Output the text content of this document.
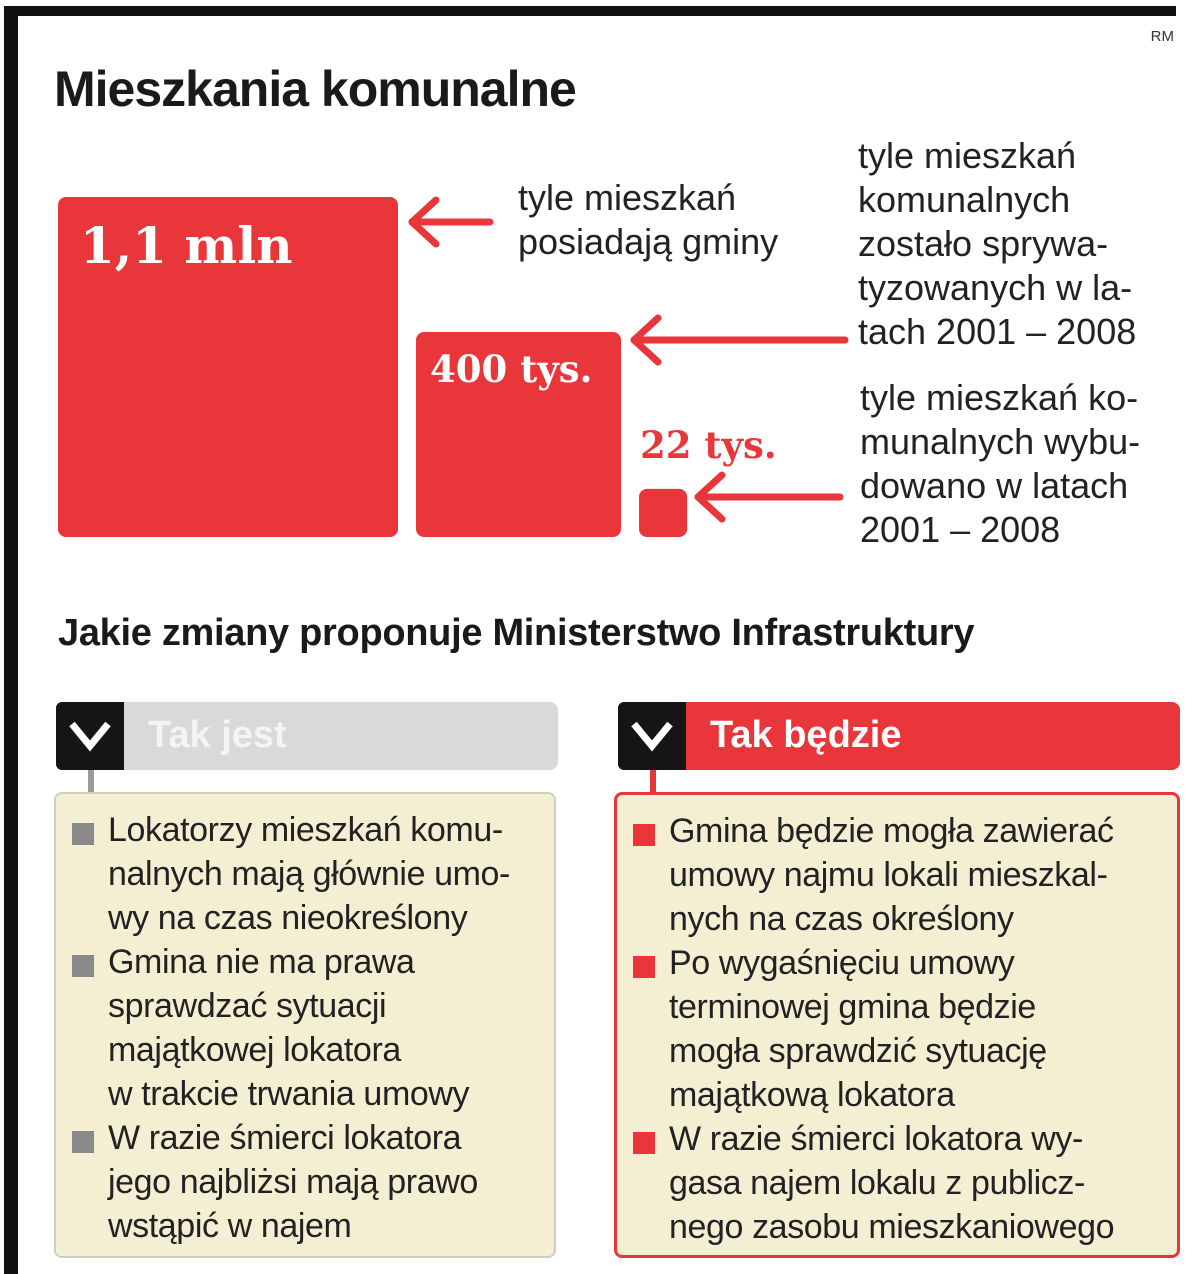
RM
Mieszkania komunalne
1,1 mln
400 tys.
22 tys.

tyle mieszkań
posiadają gminy

tyle mieszkań
komunalnych
zostało sprywa-
tyzowanych w la-
tach 2001 – 2008

tyle mieszkań ko-
munalnych wybu-
dowano w latach
2001 – 2008

Jakie zmiany proponuje Ministerstwo Infrastruktury

Tak jest

Lokatorzy mieszkań komu-
nalnych mają głównie umo-
wy na czas nieokreślony
Gmina nie ma prawa
sprawdzać sytuacji
majątkowej lokatora
w trakcie trwania umowy
W razie śmierci lokatora
jego najbliżsi mają prawo
wstąpić w najem

Tak będzie

Gmina będzie mogła zawierać
umowy najmu lokali mieszkal-
nych na czas określony
Po wygaśnięciu umowy
terminowej gmina będzie
mogła sprawdzić sytuację
majątkową lokatora
W razie śmierci lokatora wy-
gasa najem lokalu z publicz-
nego zasobu mieszkaniowego
